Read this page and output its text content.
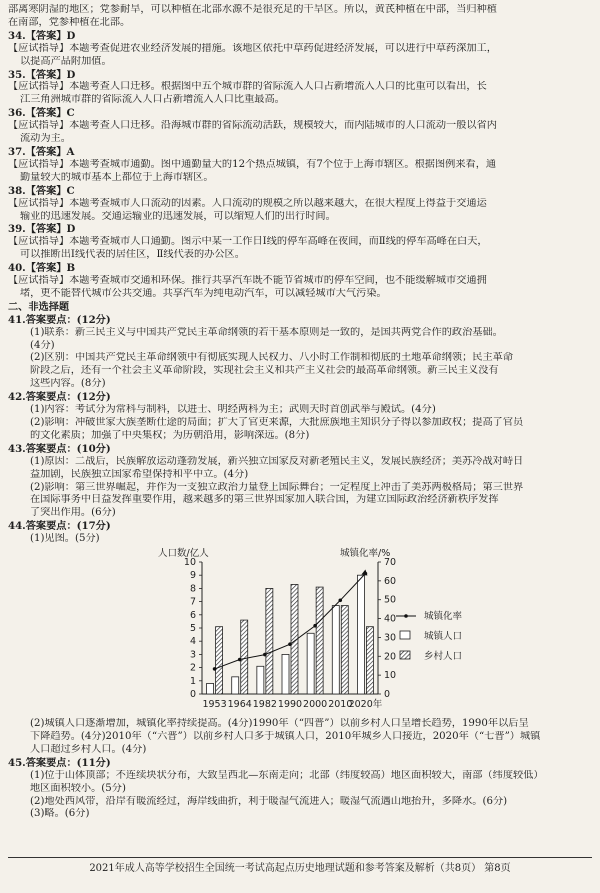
部离寒阴湿的地区；党参耐旱，可以种植在北部水源不是很充足的干旱区。所以，黄芪种植在中部，当归种植
在南部，党参种植在北部。
34.【答案】D
【应试指导】本题考查促进农业经济发展的措施。该地区依托中草药促进经济发展，可以进行中草药深加工，
以提高产品附加值。
35.【答案】D
【应试指导】本题考查人口迁移。根据图中五个城市群的省际流入人口占新增流入人口的比重可以看出，长
江三角洲城市群的省际流入人口占新增流入人口比重最高。
36.【答案】C
【应试指导】本题考查人口迁移。沿海城市群的省际流动活跃，规模较大，而内陆城市的人口流动一般以省内
流动为主。
37.【答案】A
【应试指导】本题考查城市通勤。图中通勤量大的12个热点城镇，有7个位于上海市辖区。根据图例来看，通
勤量较大的城市基本上都位于上海市辖区。
38.【答案】C
【应试指导】本题考查城市人口流动的因素。人口流动的规模之所以越来越大，在很大程度上得益于交通运
输业的迅速发展。交通运输业的迅速发展，可以缩短人们的出行时间。
39.【答案】D
【应试指导】本题考查城市人口通勤。图示中某一工作日Ⅰ线的停车高峰在夜间，而Ⅱ线的停车高峰在白天，
可以推断出Ⅰ线代表的居住区，Ⅱ线代表的办公区。
40.【答案】B
【应试指导】本题考查城市交通和环保。推行共享汽车既不能节省城市的停车空间，也不能缓解城市交通拥
堵，更不能替代城市公共交通。共享汽车为纯电动汽车，可以减轻城市大气污染。
二、非选择题
41.答案要点：(12分)
(1)联系：新三民主义与中国共产党民主革命纲领的若干基本原则是一致的，是国共两党合作的政治基础。
(4分)
(2)区别：中国共产党民主革命纲领中有彻底实现人民权力、八小时工作制和彻底的土地革命纲领；民主革命
阶段之后，还有一个社会主义革命阶段，实现社会主义和共产主义社会的最高革命纲领。新三民主义没有
这些内容。(8分)
42.答案要点：(12分)
(1)内容：考试分为常科与制科，以进士、明经两科为主；武则天时首创武举与殿试。(4分)
(2)影响：冲破世家大族垄断仕途的局面；扩大了官吏来源，大批庶族地主知识分子得以参加政权；提高了官员
的文化素质；加强了中央集权；为历朝沿用，影响深远。(8分)
43.答案要点：(10分)
(1)原因：二战后，民族解放运动蓬勃发展，新兴独立国家反对新老殖民主义，发展民族经济；美苏冷战对峙日
益加剧，民族独立国家希望保持和平中立。(4分)
(2)影响：第三世界崛起，并作为一支独立政治力量登上国际舞台；一定程度上冲击了美苏两极格局；第三世界
在国际事务中日益发挥重要作用，越来越多的第三世界国家加入联合国，为建立国际政治经济新秩序发挥
了突出作用。(6分)
44.答案要点：(17分)
(1)见图。(5分)
人口数/亿人	城镇化率/%
0
1
2
3
4
5
6
7
8
9
10
0
10
20
30
40
50
60
70
1953 1964 1982 1990 2000 2010
2020年
城镇化率
城镇人口
乡村人口
(2)城镇人口逐渐增加，城镇化率持续提高。(4分)1990年（“四普”）以前乡村人口呈增长趋势，1990年以后呈
下降趋势。(4分)2010年（“六普”）以前乡村人口多于城镇人口，2010年城乡人口接近，2020年（“七普”）城镇
人口超过乡村人口。(4分)
45.答案要点：(11分)
(1)位于山体顶部；不连续块状分布，大致呈西北—东南走向；北部（纬度较高）地区面积较大，南部（纬度较低）
地区面积较小。(5分)
(2)地处西风带，沿岸有暖流经过，海岸线曲折，利于暖湿气流进入；暖湿气流遇山地抬升，多降水。(6分)
(3)略。(6分)
2021年成人高等学校招生全国统一考试高起点历史地理试题和参考答案及解析（共8页） 第8页
